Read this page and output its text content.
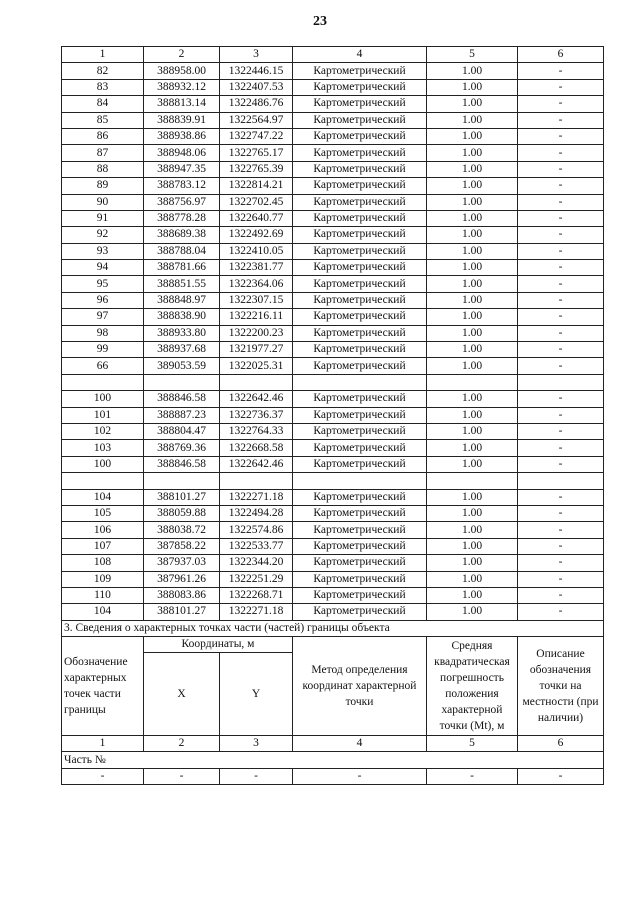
23
1	2	3	4	5	6
82	388958.00	1322446.15	Картометрический	1.00	-
83	388932.12	1322407.53	Картометрический	1.00	-
84	388813.14	1322486.76	Картометрический	1.00	-
85	388839.91	1322564.97	Картометрический	1.00	-
86	388938.86	1322747.22	Картометрический	1.00	-
87	388948.06	1322765.17	Картометрический	1.00	-
88	388947.35	1322765.39	Картометрический	1.00	-
89	388783.12	1322814.21	Картометрический	1.00	-
90	388756.97	1322702.45	Картометрический	1.00	-
91	388778.28	1322640.77	Картометрический	1.00	-
92	388689.38	1322492.69	Картометрический	1.00	-
93	388788.04	1322410.05	Картометрический	1.00	-
94	388781.66	1322381.77	Картометрический	1.00	-
95	388851.55	1322364.06	Картометрический	1.00	-
96	388848.97	1322307.15	Картометрический	1.00	-
97	388838.90	1322216.11	Картометрический	1.00	-
98	388933.80	1322200.23	Картометрический	1.00	-
99	388937.68	1321977.27	Картометрический	1.00	-
66	389053.59	1322025.31	Картометрический	1.00	-

100	388846.58	1322642.46	Картометрический	1.00	-
101	388887.23	1322736.37	Картометрический	1.00	-
102	388804.47	1322764.33	Картометрический	1.00	-
103	388769.36	1322668.58	Картометрический	1.00	-
100	388846.58	1322642.46	Картометрический	1.00	-

104	388101.27	1322271.18	Картометрический	1.00	-
105	388059.88	1322494.28	Картометрический	1.00	-
106	388038.72	1322574.86	Картометрический	1.00	-
107	387858.22	1322533.77	Картометрический	1.00	-
108	387937.03	1322344.20	Картометрический	1.00	-
109	387961.26	1322251.29	Картометрический	1.00	-
110	388083.86	1322268.71	Картометрический	1.00	-
104	388101.27	1322271.18	Картометрический	1.00	-
3. Сведения о характерных точках части (частей) границы объекта					
Обозначение характерных точек части границы	Координаты, м		Метод определения координат характерной точки	Средняя квадратическая погрешность положения характерной точки (Mt), м	Описание обозначения точки на местности (при наличии)
	X	Y			
1	2	3	4	5	6
Часть №					
-	-	-	-	-	-
